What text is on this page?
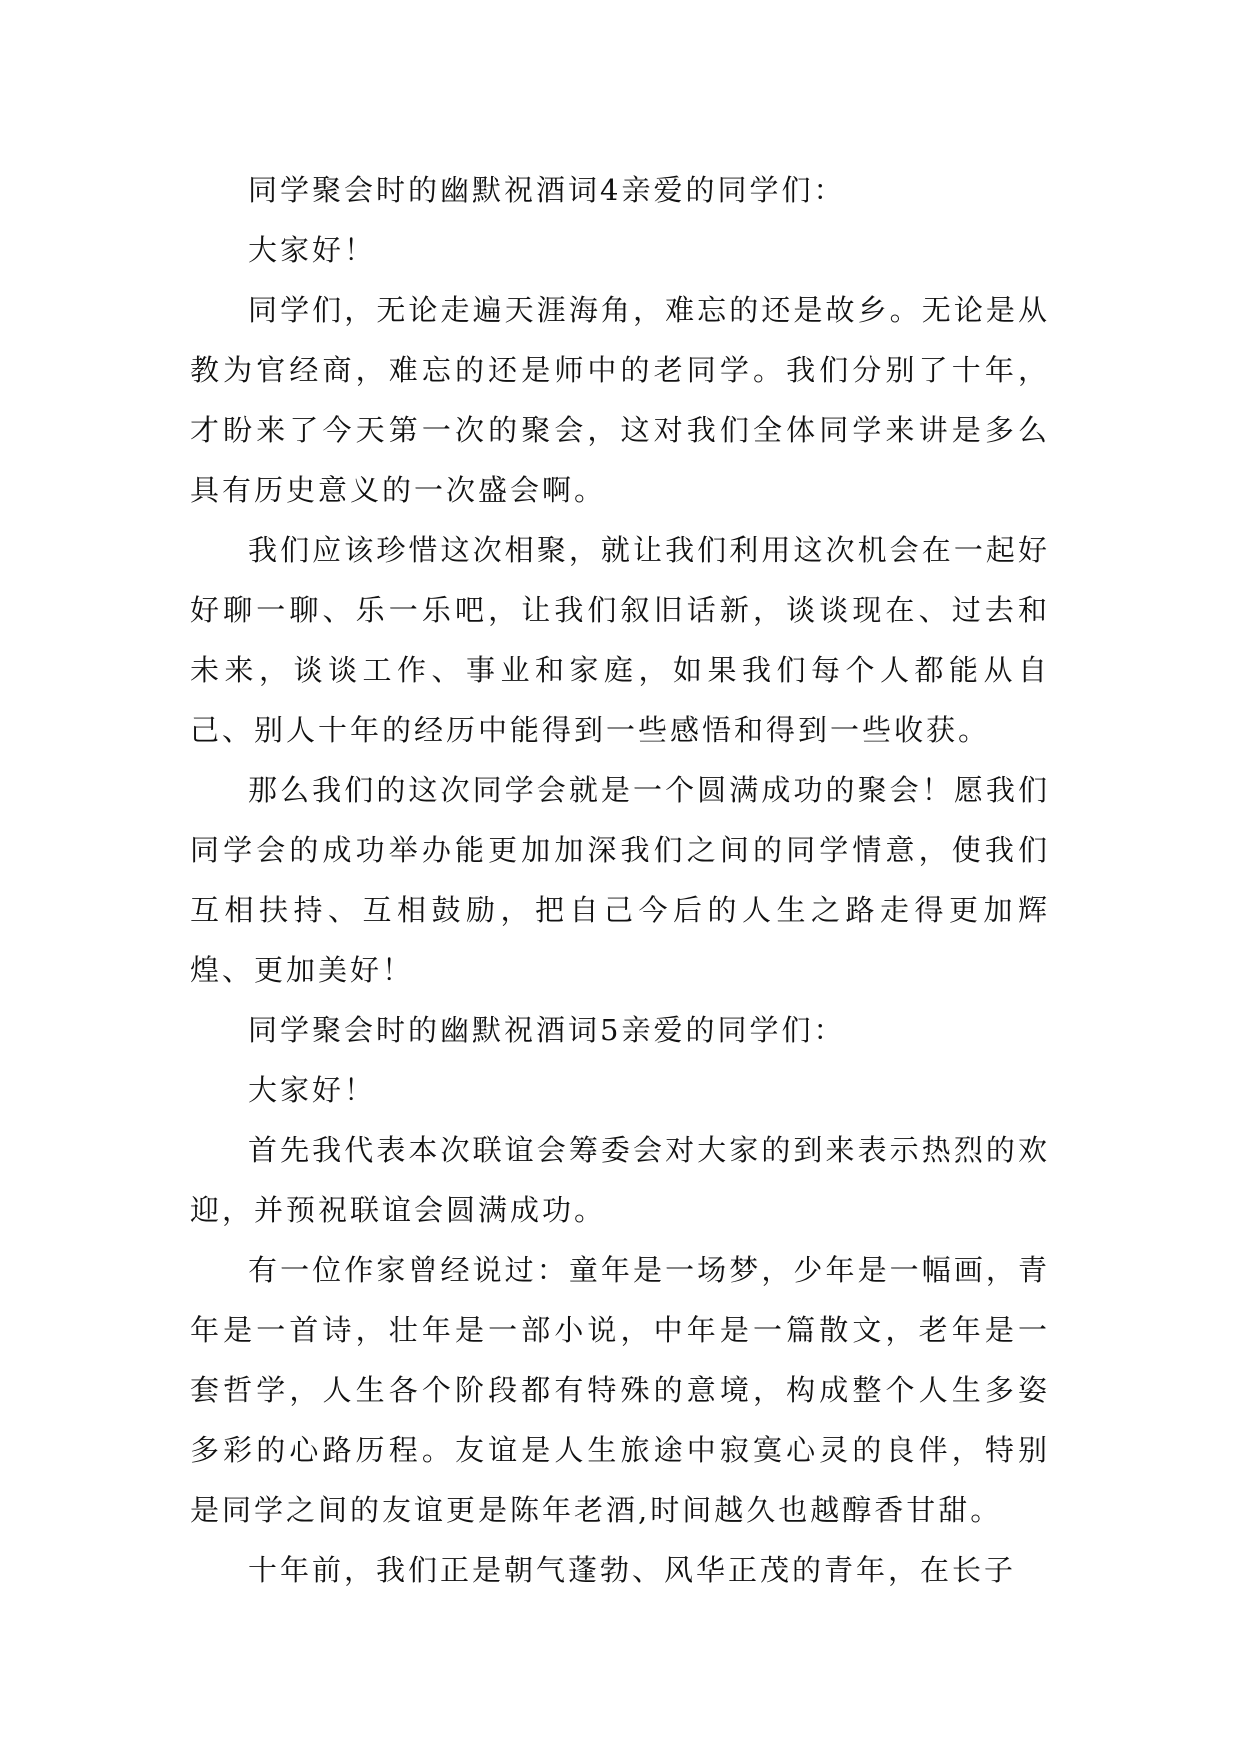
同学聚会时的幽默祝酒词4亲爱的同学们：

大家好！

同学们，无论走遍天涯海角，难忘的还是故乡。无论是从教为官经商，难忘的还是师中的老同学。我们分别了十年，才盼来了今天第一次的聚会，这对我们全体同学来讲是多么具有历史意义的一次盛会啊。

我们应该珍惜这次相聚，就让我们利用这次机会在一起好好聊一聊、乐一乐吧，让我们叙旧话新，谈谈现在、过去和未来，谈谈工作、事业和家庭，如果我们每个人都能从自己、别人十年的经历中能得到一些感悟和得到一些收获。

那么我们的这次同学会就是一个圆满成功的聚会！愿我们同学会的成功举办能更加加深我们之间的同学情意，使我们互相扶持、互相鼓励，把自己今后的人生之路走得更加辉煌、更加美好！

同学聚会时的幽默祝酒词5亲爱的同学们：

大家好！

首先我代表本次联谊会筹委会对大家的到来表示热烈的欢迎，并预祝联谊会圆满成功。

有一位作家曾经说过：童年是一场梦，少年是一幅画，青年是一首诗，壮年是一部小说，中年是一篇散文，老年是一套哲学，人生各个阶段都有特殊的意境，构成整个人生多姿多彩的心路历程。友谊是人生旅途中寂寞心灵的良伴，特别是同学之间的友谊更是陈年老酒,时间越久也越醇香甘甜。

十年前，我们正是朝气蓬勃、风华正茂的青年，在长子
